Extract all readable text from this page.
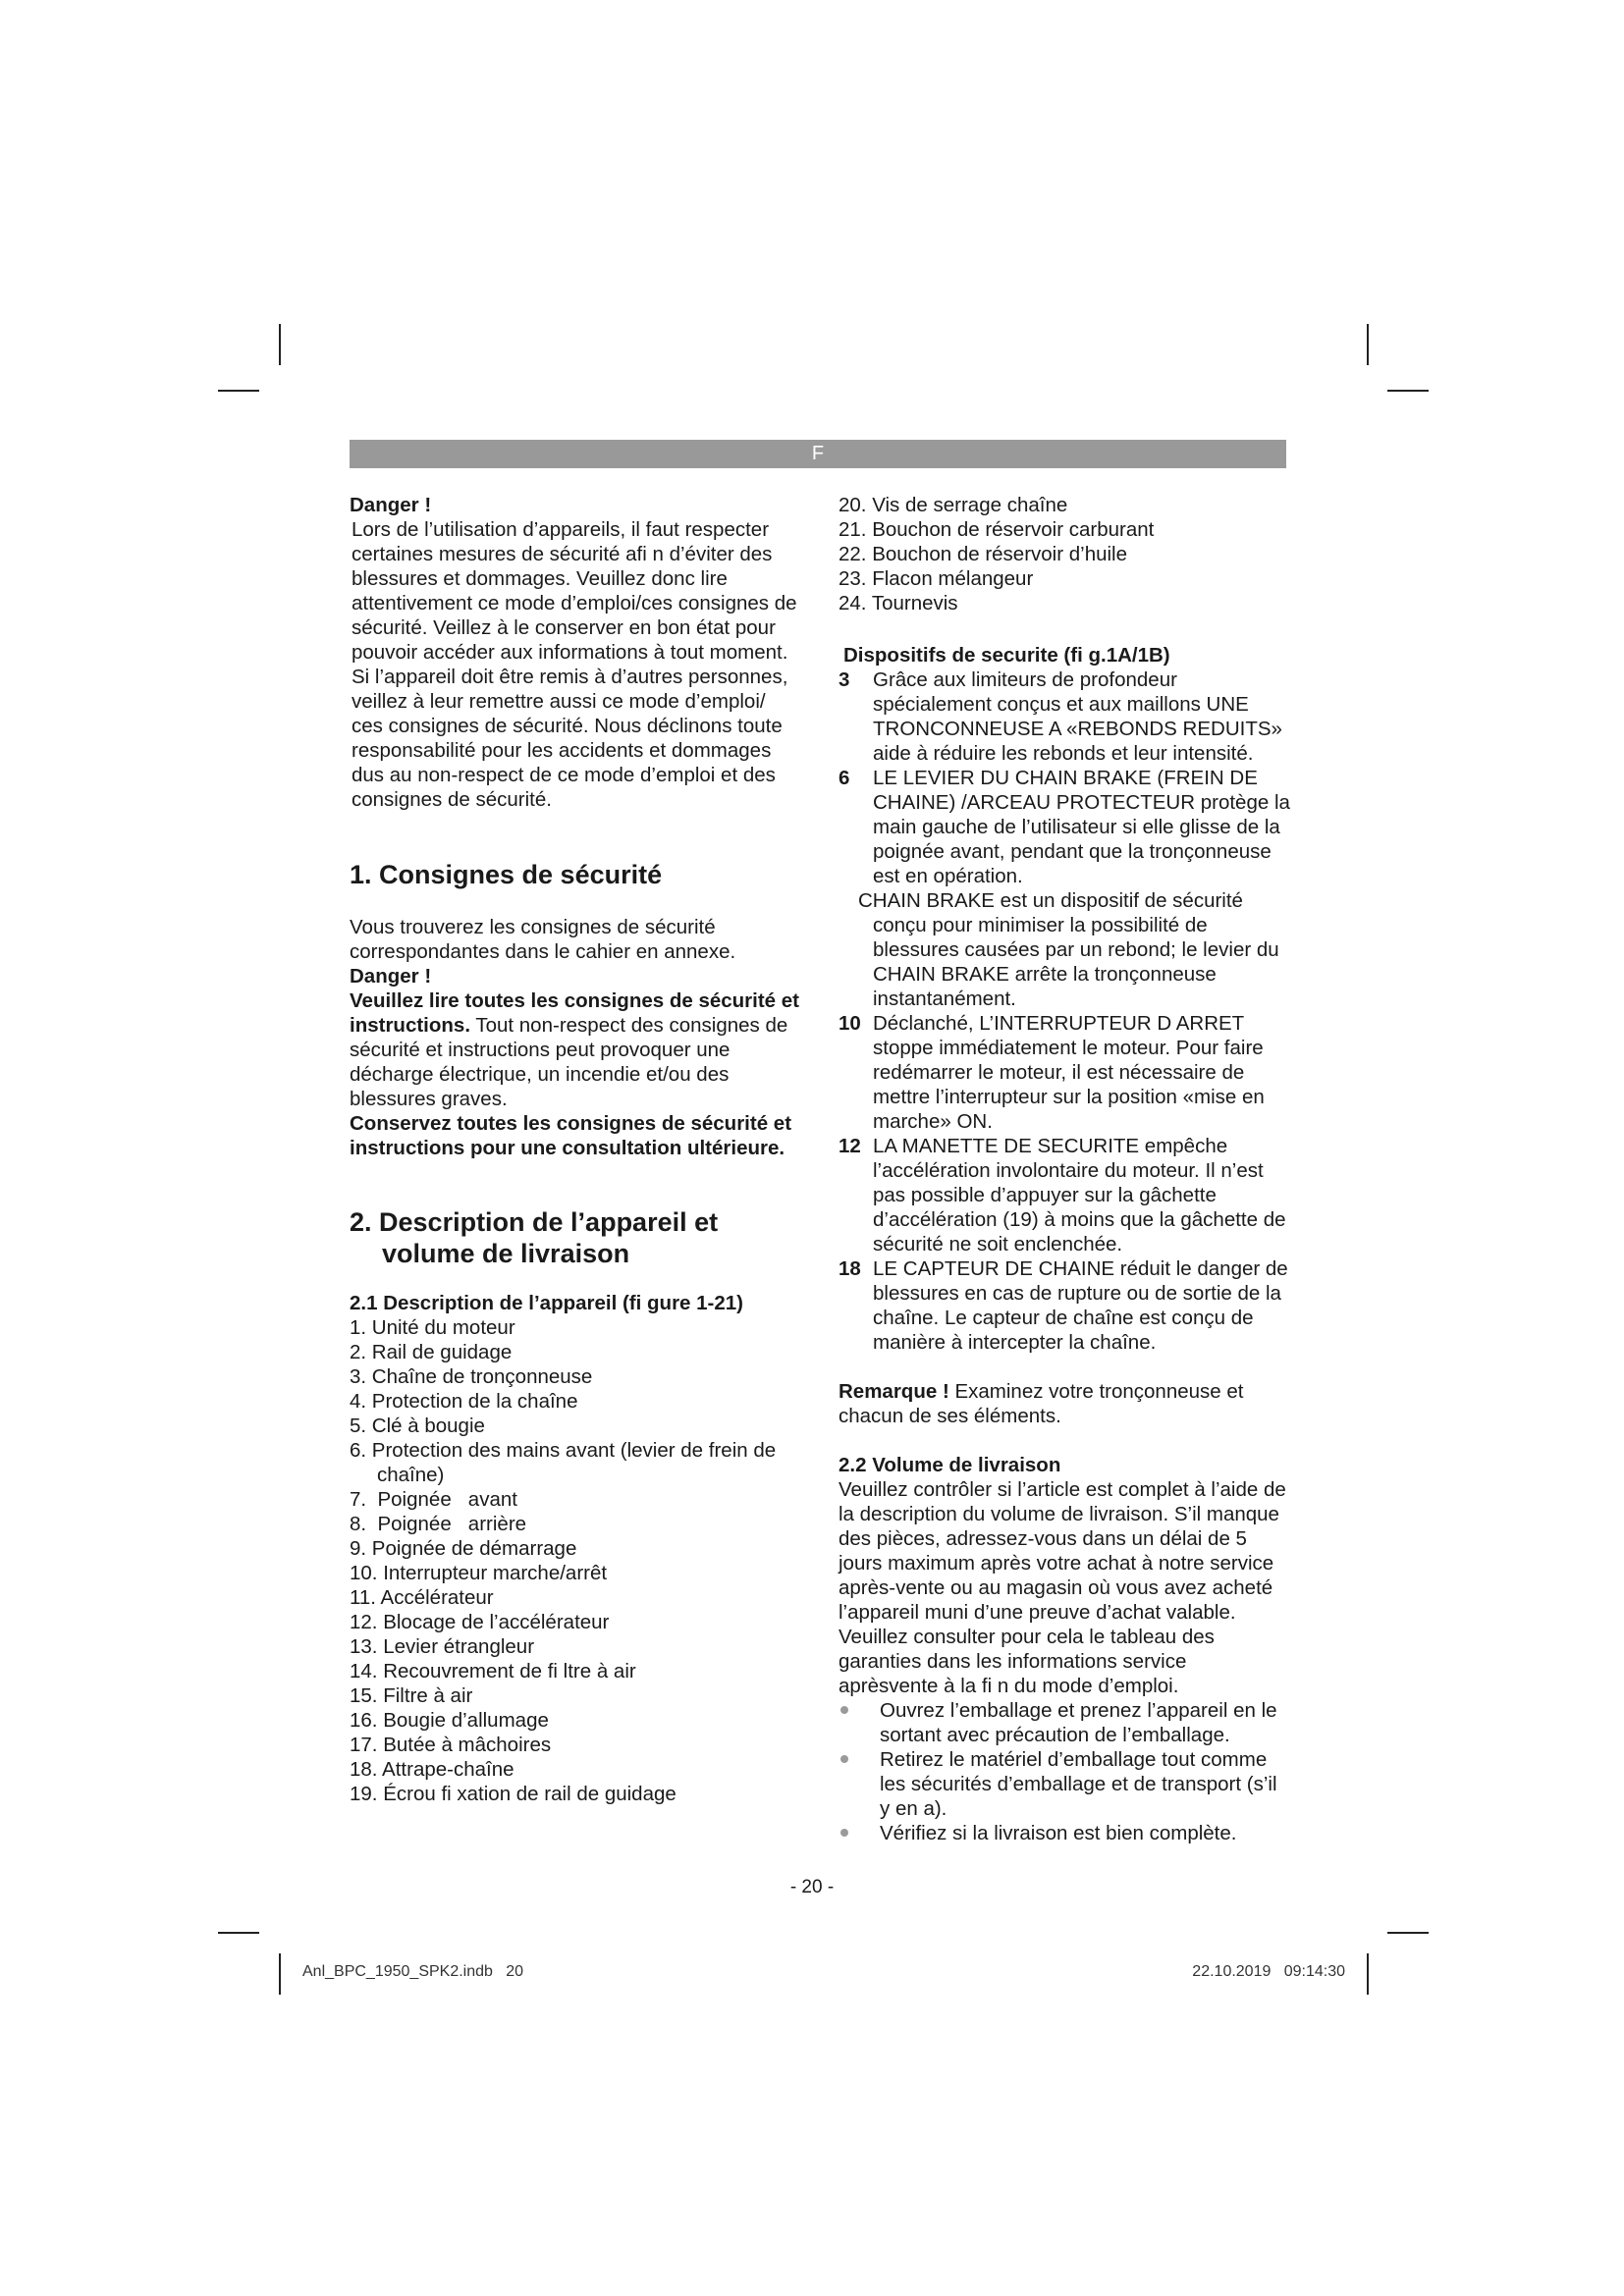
F

Danger !

Lors de l’utilisation d’appareils, il faut respecter certaines mesures de sécurité afi n d’éviter des blessures et dommages. Veuillez donc lire attentivement ce mode d’emploi/ces consignes de sécurité. Veillez à le conserver en bon état pour pouvoir accéder aux informations à tout moment. Si l’appareil doit être remis à d’autres personnes, veillez à leur remettre aussi ce mode d’emploi/ ces consignes de sécurité. Nous déclinons toute responsabilité pour les accidents et dommages dus au non-respect de ce mode d’emploi et des consignes de sécurité.

1. Consignes de sécurité

Vous trouverez les consignes de sécurité correspondantes dans le cahier en annexe.

Danger !

Veuillez lire toutes les consignes de sécurité et instructions. Tout non-respect des consignes de sécurité et instructions peut provoquer une décharge électrique, un incendie et/ou des blessures graves.

Conservez toutes les consignes de sécurité et instructions pour une consultation ultérieure.

2. Description de l’appareil et
volume de livraison

2.1 Description de l’appareil (fi gure 1-21)

1. Unité du moteur
2. Rail de guidage
3. Chaîne de tronçonneuse
4. Protection de la chaîne
5. Clé à bougie
6. Protection des mains avant (levier de frein de chaîne)
7.  Poignée   avant
8.  Poignée   arrière
9. Poignée de démarrage
10. Interrupteur marche/arrêt
11. Accélérateur
12. Blocage de l’accélérateur
13. Levier étrangleur
14. Recouvrement de fi ltre à air
15. Filtre à air
16. Bougie d’allumage
17. Butée à mâchoires
18. Attrape-chaîne
19. Écrou fi xation de rail de guidage
20. Vis de serrage chaîne
21. Bouchon de réservoir carburant
22. Bouchon de réservoir d’huile
23. Flacon mélangeur
24. Tournevis

Dispositifs de securite (fi g.1A/1B)

3 Grâce aux limiteurs de profondeur spécialement conçus et aux maillons UNE TRONCONNEUSE A «REBONDS REDUITS» aide à réduire les rebonds et leur intensité.

6 LE LEVIER DU CHAIN BRAKE (FREIN DE CHAINE) /ARCEAU PROTECTEUR protège la main gauche de l’utilisateur si elle glisse de la poignée avant, pendant que la tronçonneuse est en opération.

CHAIN BRAKE est un dispositif de sécurité conçu pour minimiser la possibilité de blessures causées par un rebond; le levier du CHAIN BRAKE arrête la tronçonneuse instantanément.

10 Déclanché, L’INTERRUPTEUR D ARRET stoppe immédiatement le moteur. Pour faire redémarrer le moteur, il est nécessaire de mettre l’interrupteur sur la position «mise en marche» ON.

12 LA MANETTE DE SECURITE empêche l’accélération involontaire du moteur. Il n’est pas possible d’appuyer sur la gâchette d’accélération (19) à moins que la gâchette de sécurité ne soit enclenchée.

18 LE CAPTEUR DE CHAINE réduit le danger de blessures en cas de rupture ou de sortie de la chaîne. Le capteur de chaîne est conçu de manière à intercepter la chaîne.

Remarque ! Examinez votre tronçonneuse et chacun de ses éléments.

2.2 Volume de livraison

Veuillez contrôler si l’article est complet à l’aide de la description du volume de livraison. S’il manque des pièces, adressez-vous dans un délai de 5 jours maximum après votre achat à notre service après-vente ou au magasin où vous avez acheté l’appareil muni d’une preuve d’achat valable. Veuillez consulter pour cela le tableau des garanties dans les informations service aprèsvente à la fi n du mode d’emploi.

Ouvrez l’emballage et prenez l’appareil en le sortant avec précaution de l’emballage.
Retirez le matériel d’emballage tout comme les sécurités d’emballage et de transport (s’il y en a).
Vérifiez si la livraison est bien complète.
- 20 -
Anl_BPC_1950_SPK2.indb   20	22.10.2019   09:14:30
